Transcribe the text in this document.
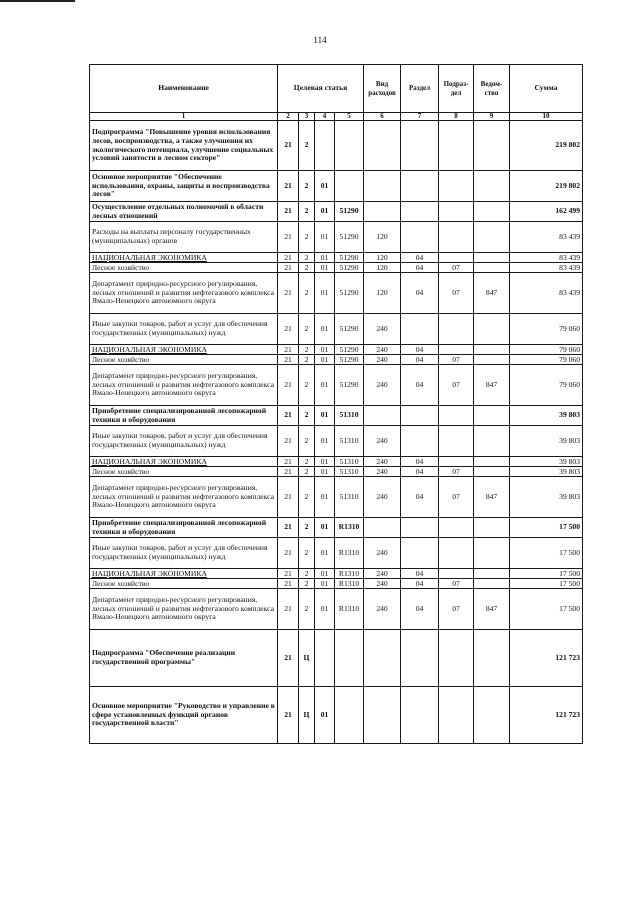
114
Наименование	Целевая статья				Вид расходов	Раздел	Подраз-дел	Ведом-ство	Сумма
1	2	3	4	5	6	7	8	9	10
Подпрограмма "Повышение уровня использования лесов, воспроизводства, а также улучшения их экологического потенциала, улучшение социальных условий занятости в лесном секторе"	21	2							219 802
Основное мероприятие "Обеспечение использования, охраны, защиты и воспроизводства лесов"	21	2	01						219 802
Осуществление отдельных полномочий в области лесных отношений	21	2	01	51290					162 499
Расходы на выплаты персоналу государственных (муниципальных) органов	21	2	01	51290	120				83 439
НАЦИОНАЛЬНАЯ ЭКОНОМИКА	21	2	01	51290	120	04			83 439
Лесное хозяйство	21	2	01	51290	120	04	07		83 439
Департамент природно-ресурсного регулирования, лесных отношений и развития нефтегазового комплекса Ямало-Ненецкого автономного округа	21	2	01	51290	120	04	07	847	83 439
Иные закупки товаров, работ и услуг для обеспечения государственных (муниципальных) нужд	21	2	01	51290	240				79 060
НАЦИОНАЛЬНАЯ ЭКОНОМИКА	21	2	01	51290	240	04			79 060
Лесное хозяйство	21	2	01	51290	240	04	07		79 060
Департамент природно-ресурсного регулирования, лесных отношений и развития нефтегазового комплекса Ямало-Ненецкого автономного округа	21	2	01	51290	240	04	07	847	79 060
Приобретение специализированной лесопожарной техники и оборудования	21	2	01	51310					39 803
Иные закупки товаров, работ и услуг для обеспечения государственных (муниципальных) нужд	21	2	01	51310	240				39 803
НАЦИОНАЛЬНАЯ ЭКОНОМИКА	21	2	01	51310	240	04			39 803
Лесное хозяйство	21	2	01	51310	240	04	07		39 803
Департамент природно-ресурсного регулирования, лесных отношений и развития нефтегазового комплекса Ямало-Ненецкого автономного округа	21	2	01	51310	240	04	07	847	39 803
Приобретение специализированной лесопожарной техники и оборудования	21	2	01	R1310					17 500
Иные закупки товаров, работ и услуг для обеспечения государственных (муниципальных) нужд	21	2	01	R1310	240				17 500
НАЦИОНАЛЬНАЯ ЭКОНОМИКА	21	2	01	R1310	240	04			17 500
Лесное хозяйство	21	2	01	R1310	240	04	07		17 500
Департамент природно-ресурсного регулирования, лесных отношений и развития нефтегазового комплекса Ямало-Ненецкого автономного округа	21	2	01	R1310	240	04	07	847	17 500
Подпрограмма "Обеспечение реализации государственной программы"	21	Ц							121 723
Основное мероприятие "Руководство и управление в сфере установленных функций органов государственной власти"	21	Ц	01						121 723
